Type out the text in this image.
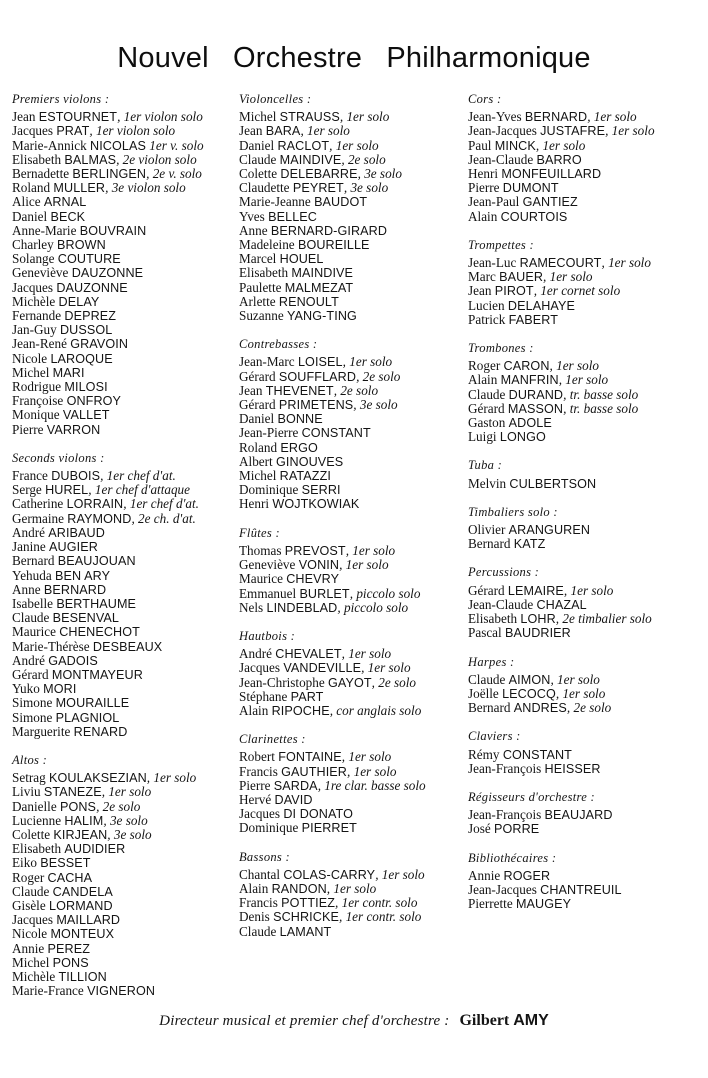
Nouvel Orchestre Philharmonique
Premiers violons :
Jean ESTOURNET, 1er violon solo
Jacques PRAT, 1er violon solo
Marie-Annick NICOLAS 1er v. solo
Elisabeth BALMAS, 2e violon solo
Bernadette BERLINGEN, 2e v. solo
Roland MULLER, 3e violon solo
Alice ARNAL
Daniel BECK
Anne-Marie BOUVRAIN
Charley BROWN
Solange COUTURE
Geneviève DAUZONNE
Jacques DAUZONNE
Michèle DELAY
Fernande DEPREZ
Jan-Guy DUSSOL
Jean-René GRAVOIN
Nicole LAROQUE
Michel MARI
Rodrigue MILOSI
Françoise ONFROY
Monique VALLET
Pierre VARRON
Seconds violons :
France DUBOIS, 1er chef d'at.
Serge HUREL, 1er chef d'attaque
Catherine LORRAIN, 1er chef d'at.
Germaine RAYMOND, 2e ch. d'at.
André ARIBAUD
Janine AUGIER
Bernard BEAUJOUAN
Yehuda BEN ARY
Anne BERNARD
Isabelle BERTHAUME
Claude BESENVAL
Maurice CHENECHOT
Marie-Thérèse DESBEAUX
André GADOIS
Gérard MONTMAYEUR
Yuko MORI
Simone MOURAILLE
Simone PLAGNIOL
Marguerite RENARD
Altos :
Setrag KOULAKSEZIAN, 1er solo
Liviu STANEZE, 1er solo
Danielle PONS, 2e solo
Lucienne HALIM, 3e solo
Colette KIRJEAN, 3e solo
Elisabeth AUDIDIER
Eiko BESSET
Roger CACHA
Claude CANDELA
Gisèle LORMAND
Jacques MAILLARD
Nicole MONTEUX
Annie PEREZ
Michel PONS
Michèle TILLION
Marie-France VIGNERON
Violoncelles :
Michel STRAUSS, 1er solo
Jean BARA, 1er solo
Daniel RACLOT, 1er solo
Claude MAINDIVE, 2e solo
Colette DELEBARRE, 3e solo
Claudette PEYRET, 3e solo
Marie-Jeanne BAUDOT
Yves BELLEC
Anne BERNARD-GIRARD
Madeleine BOUREILLE
Marcel HOUEL
Elisabeth MAINDIVE
Paulette MALMEZAT
Arlette RENOULT
Suzanne YANG-TING
Contrebasses :
Jean-Marc LOISEL, 1er solo
Gérard SOUFFLARD, 2e solo
Jean THEVENET, 2e solo
Gérard PRIMETENS, 3e solo
Daniel BONNE
Jean-Pierre CONSTANT
Roland ERGO
Albert GINOUVES
Michel RATAZZI
Dominique SERRI
Henri WOJTKOWIAK
Flûtes :
Thomas PREVOST, 1er solo
Geneviève VONIN, 1er solo
Maurice CHEVRY
Emmanuel BURLET, piccolo solo
Nels LINDEBLAD, piccolo solo
Hautbois :
André CHEVALET, 1er solo
Jacques VANDEVILLE, 1er solo
Jean-Christophe GAYOT, 2e solo
Stéphane PART
Alain RIPOCHE, cor anglais solo
Clarinettes :
Robert FONTAINE, 1er solo
Francis GAUTHIER, 1er solo
Pierre SARDA, 1re clar. basse solo
Hervé DAVID
Jacques DI DONATO
Dominique PIERRET
Bassons :
Chantal COLAS-CARRY, 1er solo
Alain RANDON, 1er solo
Francis POTTIEZ, 1er contr. solo
Denis SCHRICKE, 1er contr. solo
Claude LAMANT
Cors :
Jean-Yves BERNARD, 1er solo
Jean-Jacques JUSTAFRE, 1er solo
Paul MINCK, 1er solo
Jean-Claude BARRO
Henri MONFEUILLARD
Pierre DUMONT
Jean-Paul GANTIEZ
Alain COURTOIS
Trompettes :
Jean-Luc RAMECOURT, 1er solo
Marc BAUER, 1er solo
Jean PIROT, 1er cornet solo
Lucien DELAHAYE
Patrick FABERT
Trombones :
Roger CARON, 1er solo
Alain MANFRIN, 1er solo
Claude DURAND, tr. basse solo
Gérard MASSON, tr. basse solo
Gaston ADOLE
Luigi LONGO
Tuba :
Melvin CULBERTSON
Timbaliers solo :
Olivier ARANGUREN
Bernard KATZ
Percussions :
Gérard LEMAIRE, 1er solo
Jean-Claude CHAZAL
Elisabeth LOHR, 2e timbalier solo
Pascal BAUDRIER
Harpes :
Claude AIMON, 1er solo
Joëlle LECOCQ, 1er solo
Bernard ANDRES, 2e solo
Claviers :
Rémy CONSTANT
Jean-François HEISSER
Régisseurs d'orchestre :
Jean-François BEAUJARD
José PORRE
Bibliothécaires :
Annie ROGER
Jean-Jacques CHANTREUIL
Pierrette MAUGEY
Directeur musical et premier chef d'orchestre : Gilbert AMY
